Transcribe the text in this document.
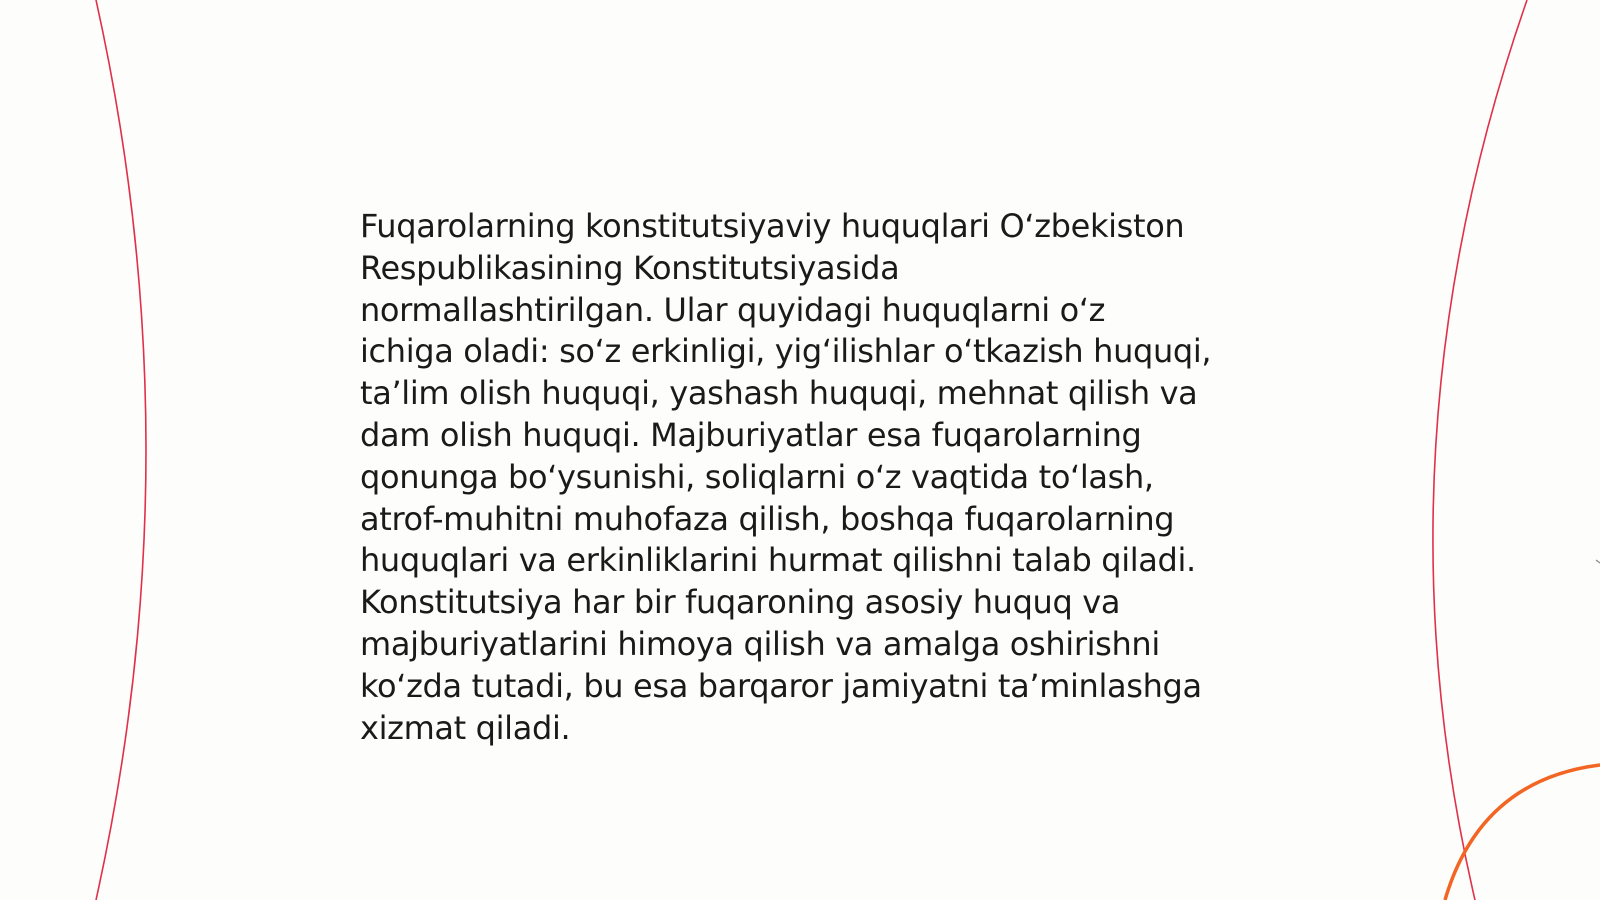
Fuqarolarning konstitutsiyaviy huquqlari O‘zbekiston
Respublikasining Konstitutsiyasida
normallashtirilgan. Ular quyidagi huquqlarni o‘z
ichiga oladi: so‘z erkinligi, yig‘ilishlar o‘tkazish huquqi,
ta’lim olish huquqi, yashash huquqi, mehnat qilish va
dam olish huquqi. Majburiyatlar esa fuqarolarning
qonunga bo‘ysunishi, soliqlarni o‘z vaqtida to‘lash,
atrof-muhitni muhofaza qilish, boshqa fuqarolarning
huquqlari va erkinliklarini hurmat qilishni talab qiladi.
Konstitutsiya har bir fuqaroning asosiy huquq va
majburiyatlarini himoya qilish va amalga oshirishni
ko‘zda tutadi, bu esa barqaror jamiyatni ta’minlashga
xizmat qiladi.
